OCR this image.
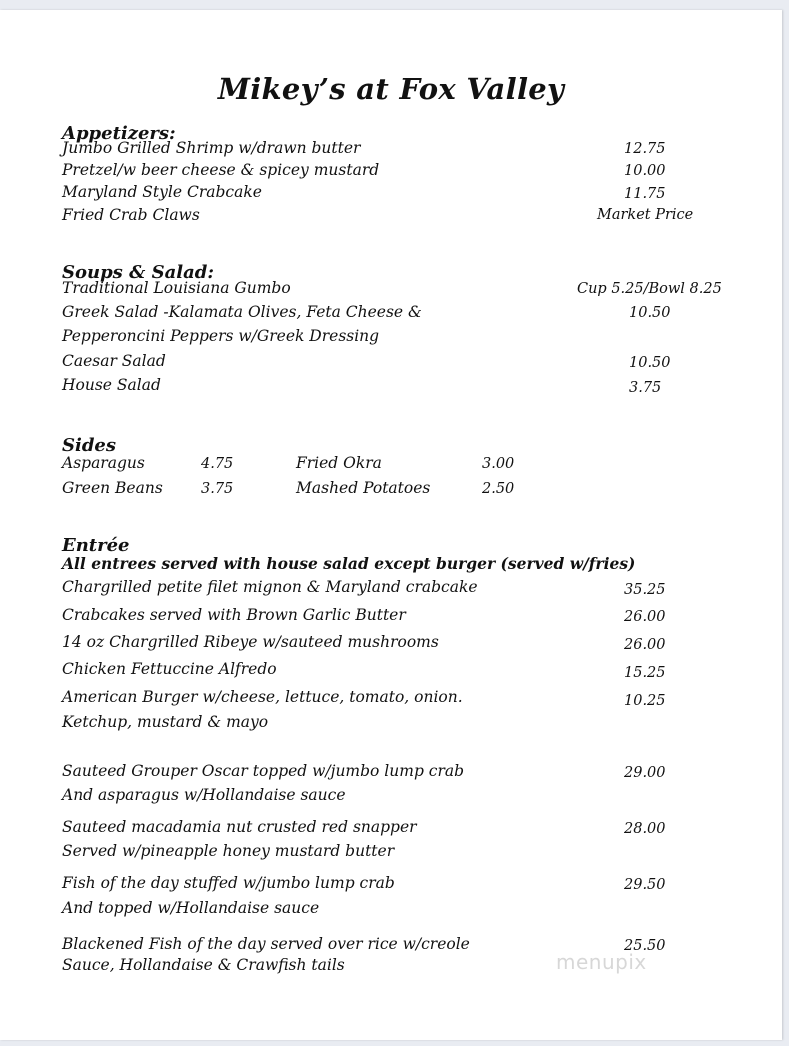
Mikey’s at Fox Valley
Appetizers:
Jumbo Grilled Shrimp w/drawn butter	12.75
Pretzel/w beer cheese & spicey mustard	10.00
Maryland Style Crabcake	11.75
Fried Crab Claws	Market Price
Soups & Salad:
Traditional Louisiana Gumbo	Cup 5.25/Bowl 8.25
Greek Salad -Kalamata Olives, Feta Cheese &	10.50
Pepperoncini Peppers w/Greek Dressing
Caesar Salad	10.50
House Salad	3.75
Sides
Asparagus	4.75	Fried Okra	3.00
Green Beans	3.75	Mashed Potatoes	2.50
Entrée
All entrees served with house salad except burger (served w/fries)
Chargrilled petite filet mignon & Maryland crabcake	35.25
Crabcakes served with Brown Garlic Butter	26.00
14 oz Chargrilled Ribeye w/sauteed mushrooms	26.00
Chicken Fettuccine Alfredo	15.25
American Burger w/cheese, lettuce, tomato, onion.	10.25
Ketchup, mustard & mayo
Sauteed Grouper Oscar topped w/jumbo lump crab	29.00
And asparagus w/Hollandaise sauce
Sauteed macadamia nut crusted red snapper	28.00
Served w/pineapple honey mustard butter
Fish of the day stuffed w/jumbo lump crab	29.50
And topped w/Hollandaise sauce
Blackened Fish of the day served over rice w/creole	25.50
Sauce, Hollandaise & Crawfish tails	menupix
